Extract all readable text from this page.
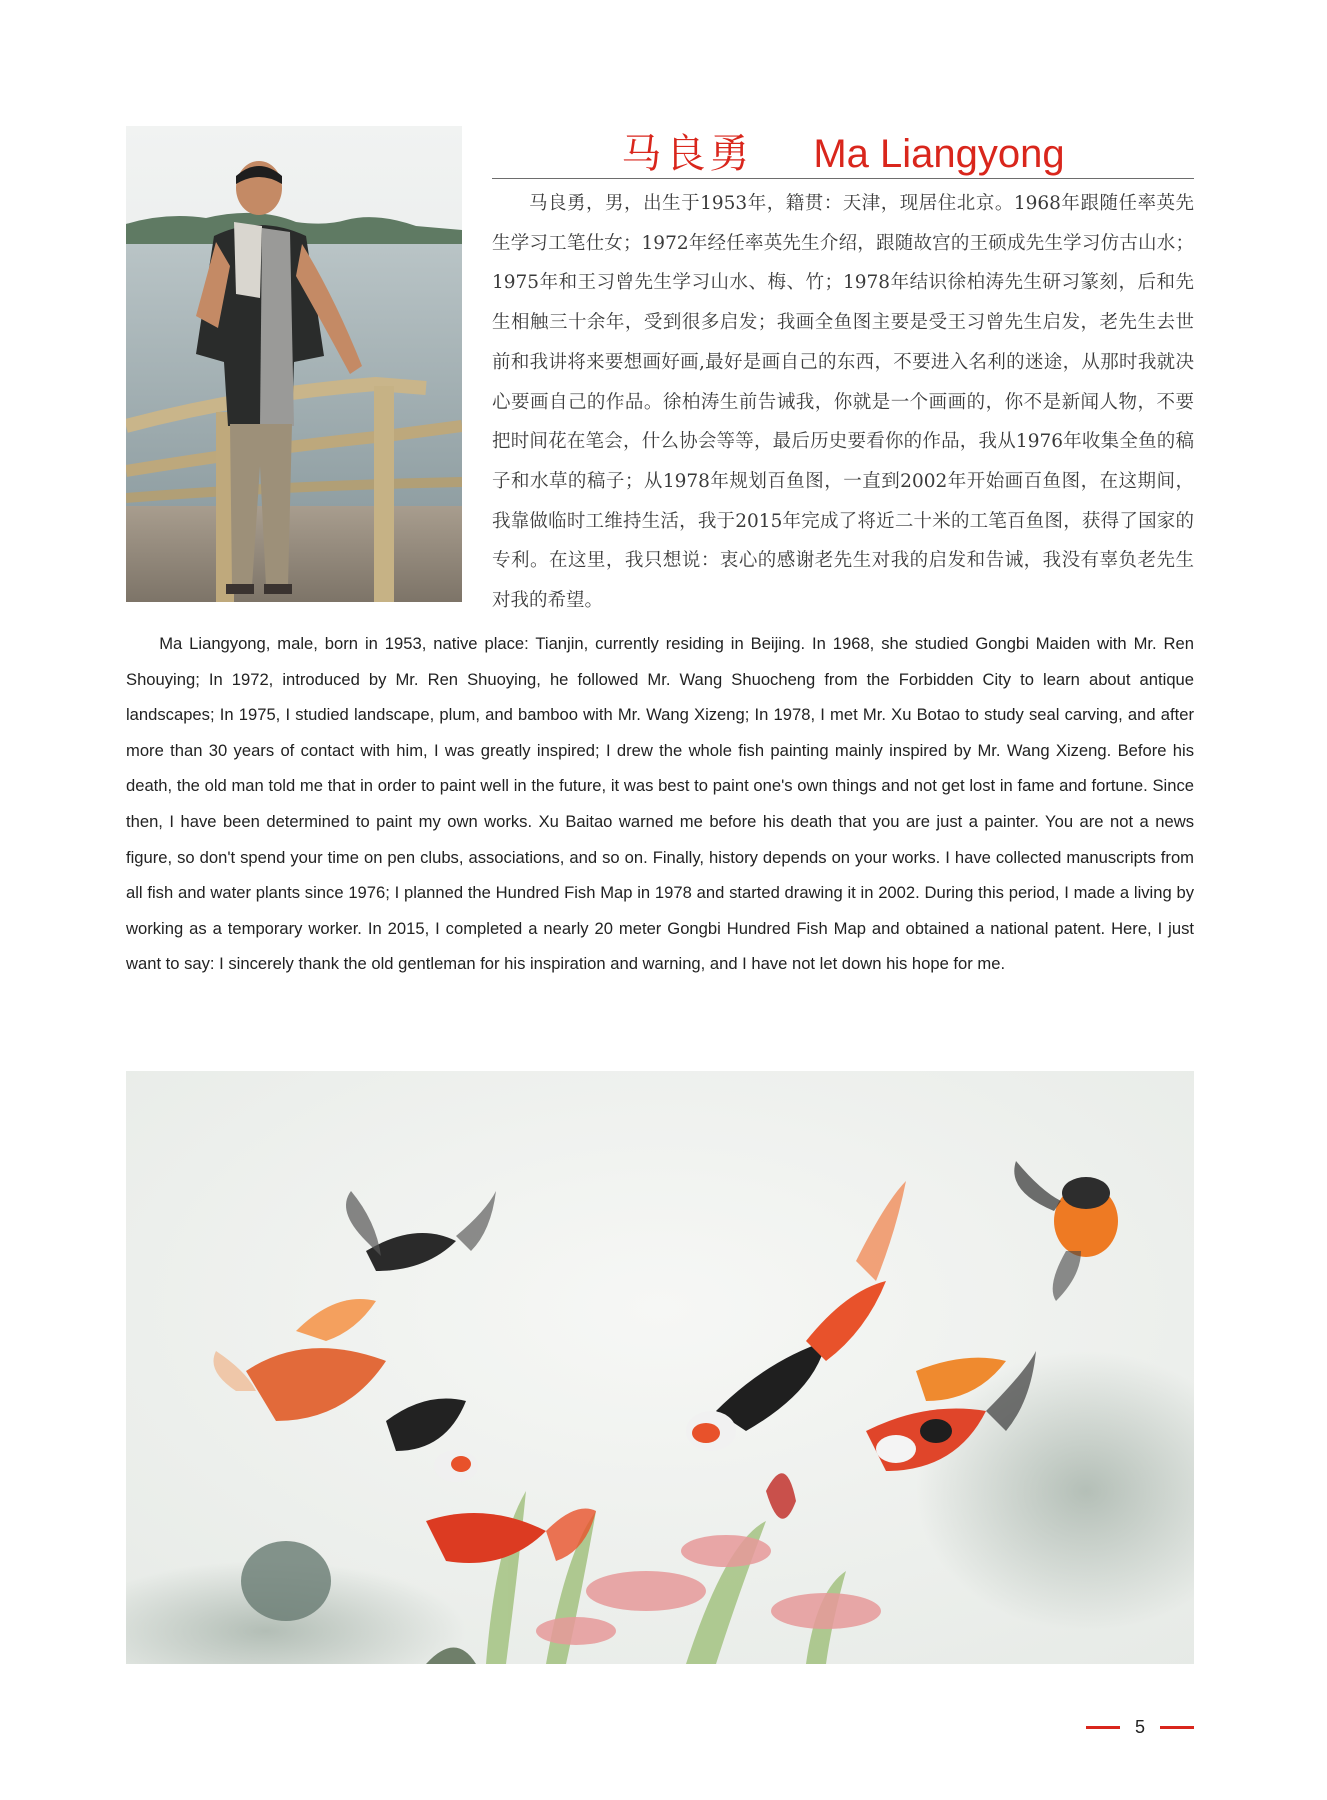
马良勇 Ma Liangyong

马良勇，男，出生于1953年，籍贯：天津，现居住北京。1968年跟随任率英先生学习工笔仕女；1972年经任率英先生介绍，跟随故宫的王硕成先生学习仿古山水；1975年和王习曾先生学习山水、梅、竹；1978年结识徐柏涛先生研习篆刻，后和先生相触三十余年，受到很多启发；我画全鱼图主要是受王习曾先生启发，老先生去世前和我讲将来要想画好画,最好是画自己的东西，不要进入名利的迷途，从那时我就决心要画自己的作品。徐柏涛生前告诫我，你就是一个画画的，你不是新闻人物，不要把时间花在笔会，什么协会等等，最后历史要看你的作品，我从1976年收集全鱼的稿子和水草的稿子；从1978年规划百鱼图，一直到2002年开始画百鱼图，在这期间，我靠做临时工维持生活，我于2015年完成了将近二十米的工笔百鱼图，获得了国家的专利。在这里，我只想说：衷心的感谢老先生对我的启发和告诫，我没有辜负老先生对我的希望。

Ma Liangyong, male, born in 1953, native place: Tianjin, currently residing in Beijing. In 1968, she studied Gongbi Maiden with Mr. Ren Shouying; In 1972, introduced by Mr. Ren Shuoying, he followed Mr. Wang Shuocheng from the Forbidden City to learn about antique landscapes; In 1975, I studied landscape, plum, and bamboo with Mr. Wang Xizeng; In 1978, I met Mr. Xu Botao to study seal carving, and after more than 30 years of contact with him, I was greatly inspired; I drew the whole fish painting mainly inspired by Mr. Wang Xizeng. Before his death, the old man told me that in order to paint well in the future, it was best to paint one's own things and not get lost in fame and fortune. Since then, I have been determined to paint my own works. Xu Baitao warned me before his death that you are just a painter. You are not a news figure, so don't spend your time on pen clubs, associations, and so on. Finally, history depends on your works. I have collected manuscripts from all fish and water plants since 1976; I planned the Hundred Fish Map in 1978 and started drawing it in 2002. During this period, I made a living by working as a temporary worker. In 2015, I completed a nearly 20 meter Gongbi Hundred Fish Map and obtained a national patent. Here, I just want to say: I sincerely thank the old gentleman for his inspiration and warning, and I have not let down his hope for me.

5
